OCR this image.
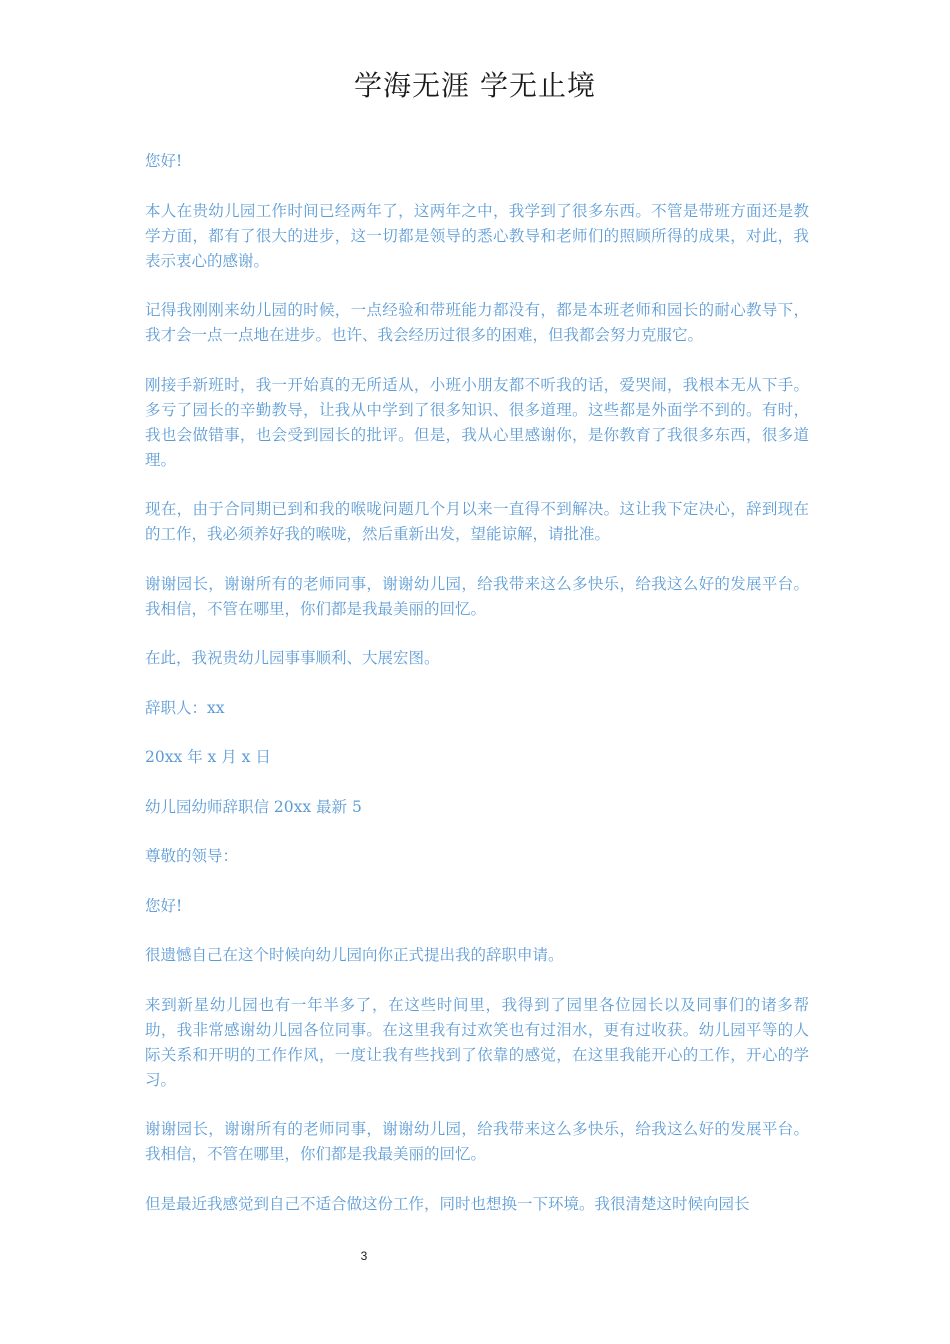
学海无涯 学无止境

您好!

本人在贵幼儿园工作时间已经两年了，这两年之中，我学到了很多东西。不管是带班方面还是教学方面，都有了很大的进步，这一切都是领导的悉心教导和老师们的照顾所得的成果，对此，我表示衷心的感谢。

记得我刚刚来幼儿园的时候，一点经验和带班能力都没有，都是本班老师和园长的耐心教导下，我才会一点一点地在进步。也许、我会经历过很多的困难，但我都会努力克服它。

刚接手新班时，我一开始真的无所适从，小班小朋友都不听我的话，爱哭闹，我根本无从下手。多亏了园长的辛勤教导，让我从中学到了很多知识、很多道理。这些都是外面学不到的。有时，我也会做错事，也会受到园长的批评。但是，我从心里感谢你，是你教育了我很多东西，很多道理。

现在，由于合同期已到和我的喉咙问题几个月以来一直得不到解决。这让我下定决心，辞到现在的工作，我必须养好我的喉咙，然后重新出发，望能谅解，请批准。

谢谢园长，谢谢所有的老师同事，谢谢幼儿园，给我带来这么多快乐，给我这么好的发展平台。我相信，不管在哪里，你们都是我最美丽的回忆。

在此，我祝贵幼儿园事事顺利、大展宏图。

辞职人：xx

20xx 年 x 月 x 日

幼儿园幼师辞职信 20xx 最新 5

尊敬的领导：

您好!

很遗憾自己在这个时候向幼儿园向你正式提出我的辞职申请。

来到新星幼儿园也有一年半多了，在这些时间里，我得到了园里各位园长以及同事们的诸多帮助，我非常感谢幼儿园各位同事。在这里我有过欢笑也有过泪水，更有过收获。幼儿园平等的人际关系和开明的工作作风，一度让我有些找到了依靠的感觉，在这里我能开心的工作，开心的学习。

谢谢园长，谢谢所有的老师同事，谢谢幼儿园，给我带来这么多快乐，给我这么好的发展平台。我相信，不管在哪里，你们都是我最美丽的回忆。

但是最近我感觉到自己不适合做这份工作，同时也想换一下环境。我很清楚这时候向园长

3
